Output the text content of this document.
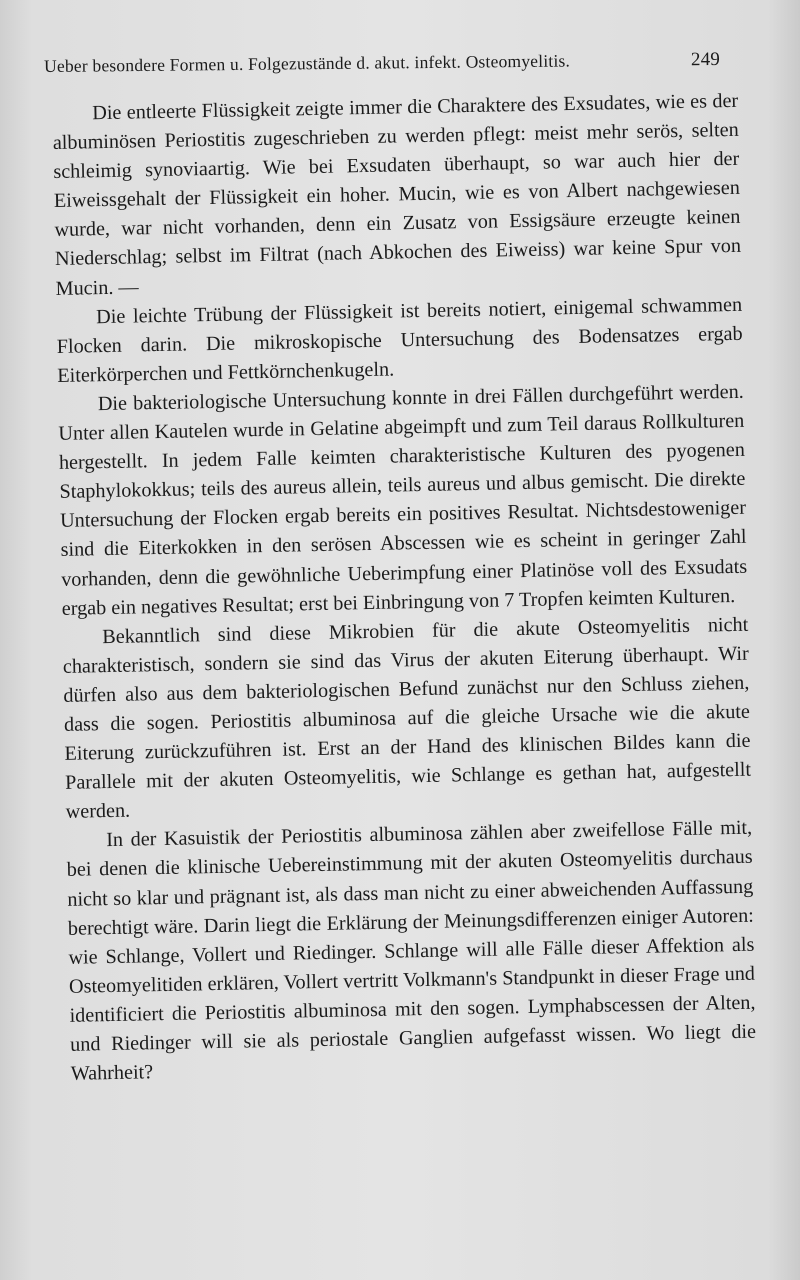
Ueber besondere Formen u. Folgezustände d. akut. infekt. Osteomyelitis.	249

Die entleerte Flüssigkeit zeigte immer die Charaktere des Exsudates, wie es der albuminösen Periostitis zugeschrieben zu werden pflegt: meist mehr serös, selten schleimig synoviaartig. Wie bei Exsudaten überhaupt, so war auch hier der Eiweissgehalt der Flüssigkeit ein hoher. Mucin, wie es von Albert nachgewiesen wurde, war nicht vorhanden, denn ein Zusatz von Essigsäure erzeugte keinen Niederschlag; selbst im Filtrat (nach Abkochen des Eiweiss) war keine Spur von Mucin. —

Die leichte Trübung der Flüssigkeit ist bereits notiert, einigemal schwammen Flocken darin. Die mikroskopische Untersuchung des Bodensatzes ergab Eiterkörperchen und Fettkörnchenkugeln.

Die bakteriologische Untersuchung konnte in drei Fällen durchgeführt werden. Unter allen Kautelen wurde in Gelatine abgeimpft und zum Teil daraus Rollkulturen hergestellt. In jedem Falle keimten charakteristische Kulturen des pyogenen Staphylokokkus; teils des aureus allein, teils aureus und albus gemischt. Die direkte Untersuchung der Flocken ergab bereits ein positives Resultat. Nichtsdestoweniger sind die Eiterkokken in den serösen Abscessen wie es scheint in geringer Zahl vorhanden, denn die gewöhnliche Ueberimpfung einer Platinöse voll des Exsudats ergab ein negatives Resultat; erst bei Einbringung von 7 Tropfen keimten Kulturen.

Bekanntlich sind diese Mikrobien für die akute Osteomyelitis nicht charakteristisch, sondern sie sind das Virus der akuten Eiterung überhaupt. Wir dürfen also aus dem bakteriologischen Befund zunächst nur den Schluss ziehen, dass die sogen. Periostitis albuminosa auf die gleiche Ursache wie die akute Eiterung zurückzuführen ist. Erst an der Hand des klinischen Bildes kann die Parallele mit der akuten Osteomyelitis, wie Schlange es gethan hat, aufgestellt werden.

In der Kasuistik der Periostitis albuminosa zählen aber zweifellose Fälle mit, bei denen die klinische Uebereinstimmung mit der akuten Osteomyelitis durchaus nicht so klar und prägnant ist, als dass man nicht zu einer abweichenden Auffassung berechtigt wäre. Darin liegt die Erklärung der Meinungsdifferenzen einiger Autoren: wie Schlange, Vollert und Riedinger. Schlange will alle Fälle dieser Affektion als Osteomyelitiden erklären, Vollert vertritt Volkmann's Standpunkt in dieser Frage und identificiert die Periostitis albuminosa mit den sogen. Lymphabscessen der Alten, und Riedinger will sie als periostale Ganglien aufgefasst wissen. Wo liegt die Wahrheit?
